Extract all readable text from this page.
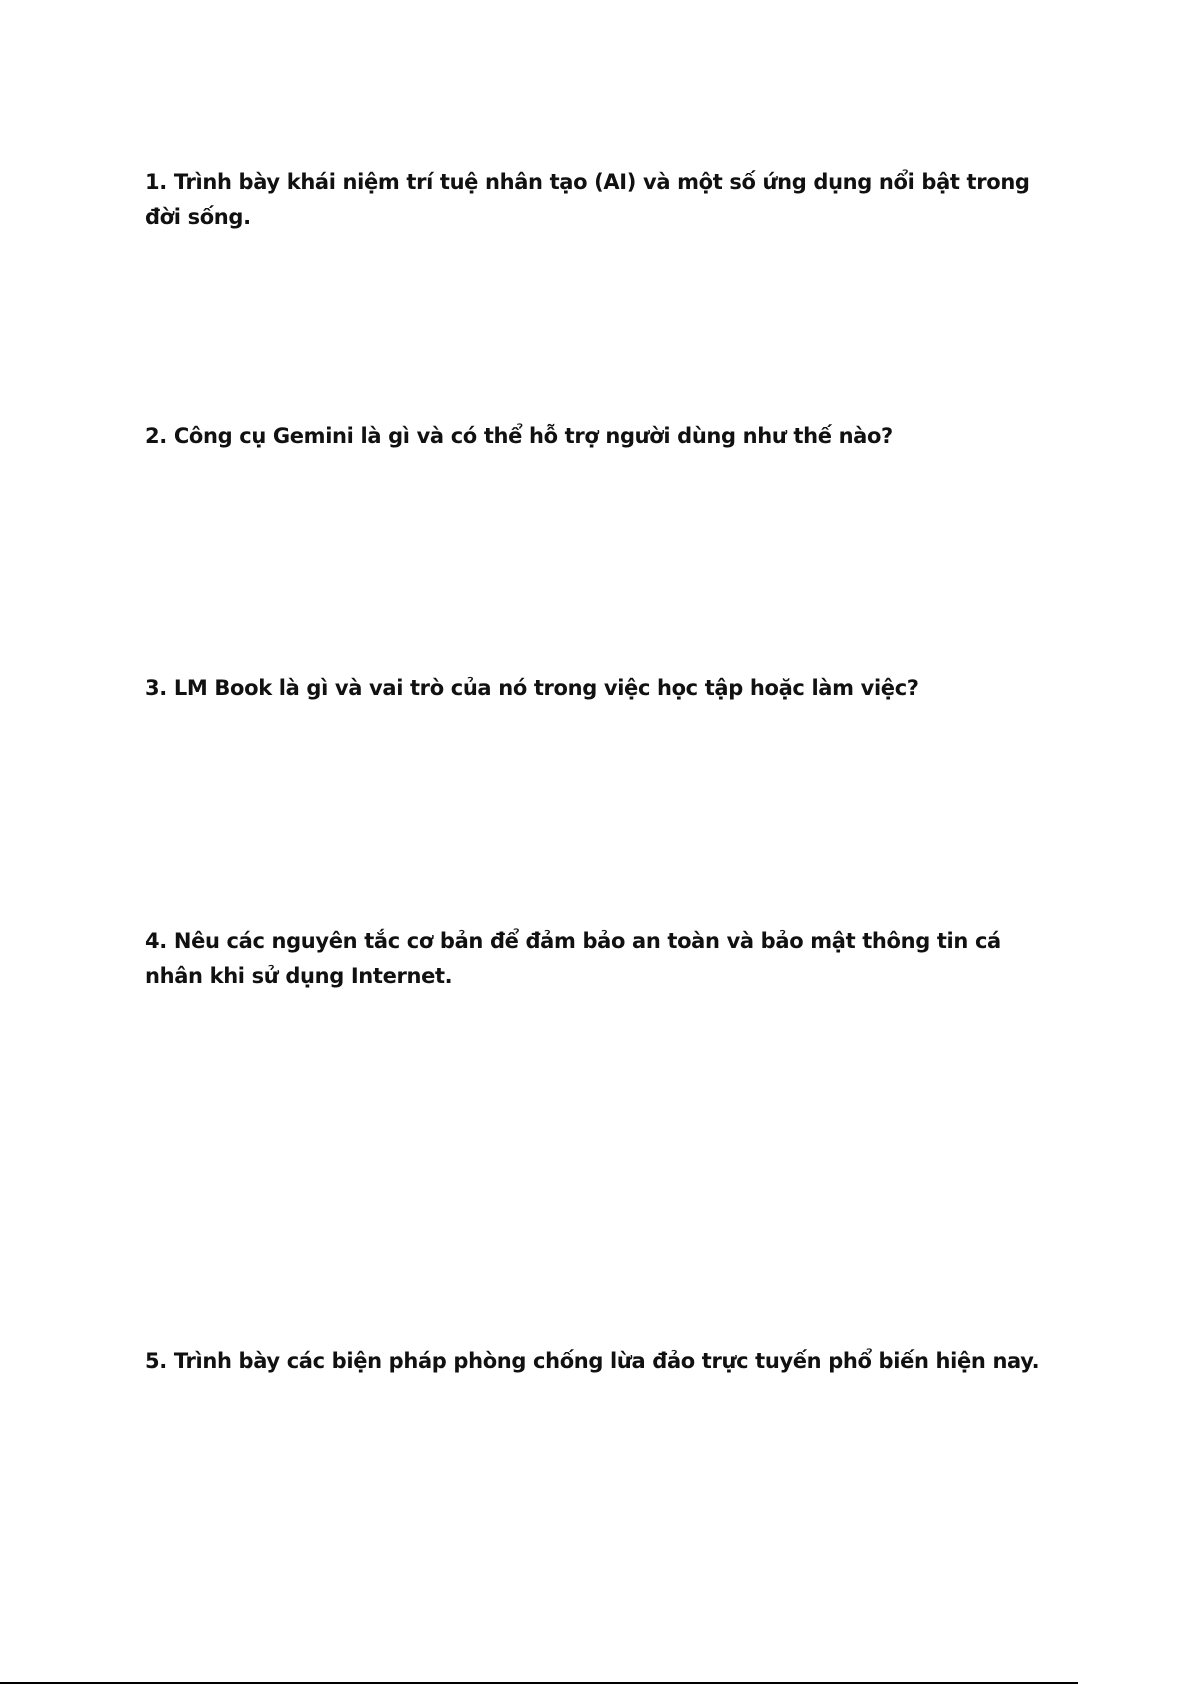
1. Trình bày khái niệm trí tuệ nhân tạo (AI) và một số ứng dụng nổi bật trong đời sống.

2. Công cụ Gemini là gì và có thể hỗ trợ người dùng như thế nào?

3. LM Book là gì và vai trò của nó trong việc học tập hoặc làm việc?

4. Nêu các nguyên tắc cơ bản để đảm bảo an toàn và bảo mật thông tin cá nhân khi sử dụng Internet.

5. Trình bày các biện pháp phòng chống lừa đảo trực tuyến phổ biến hiện nay.
